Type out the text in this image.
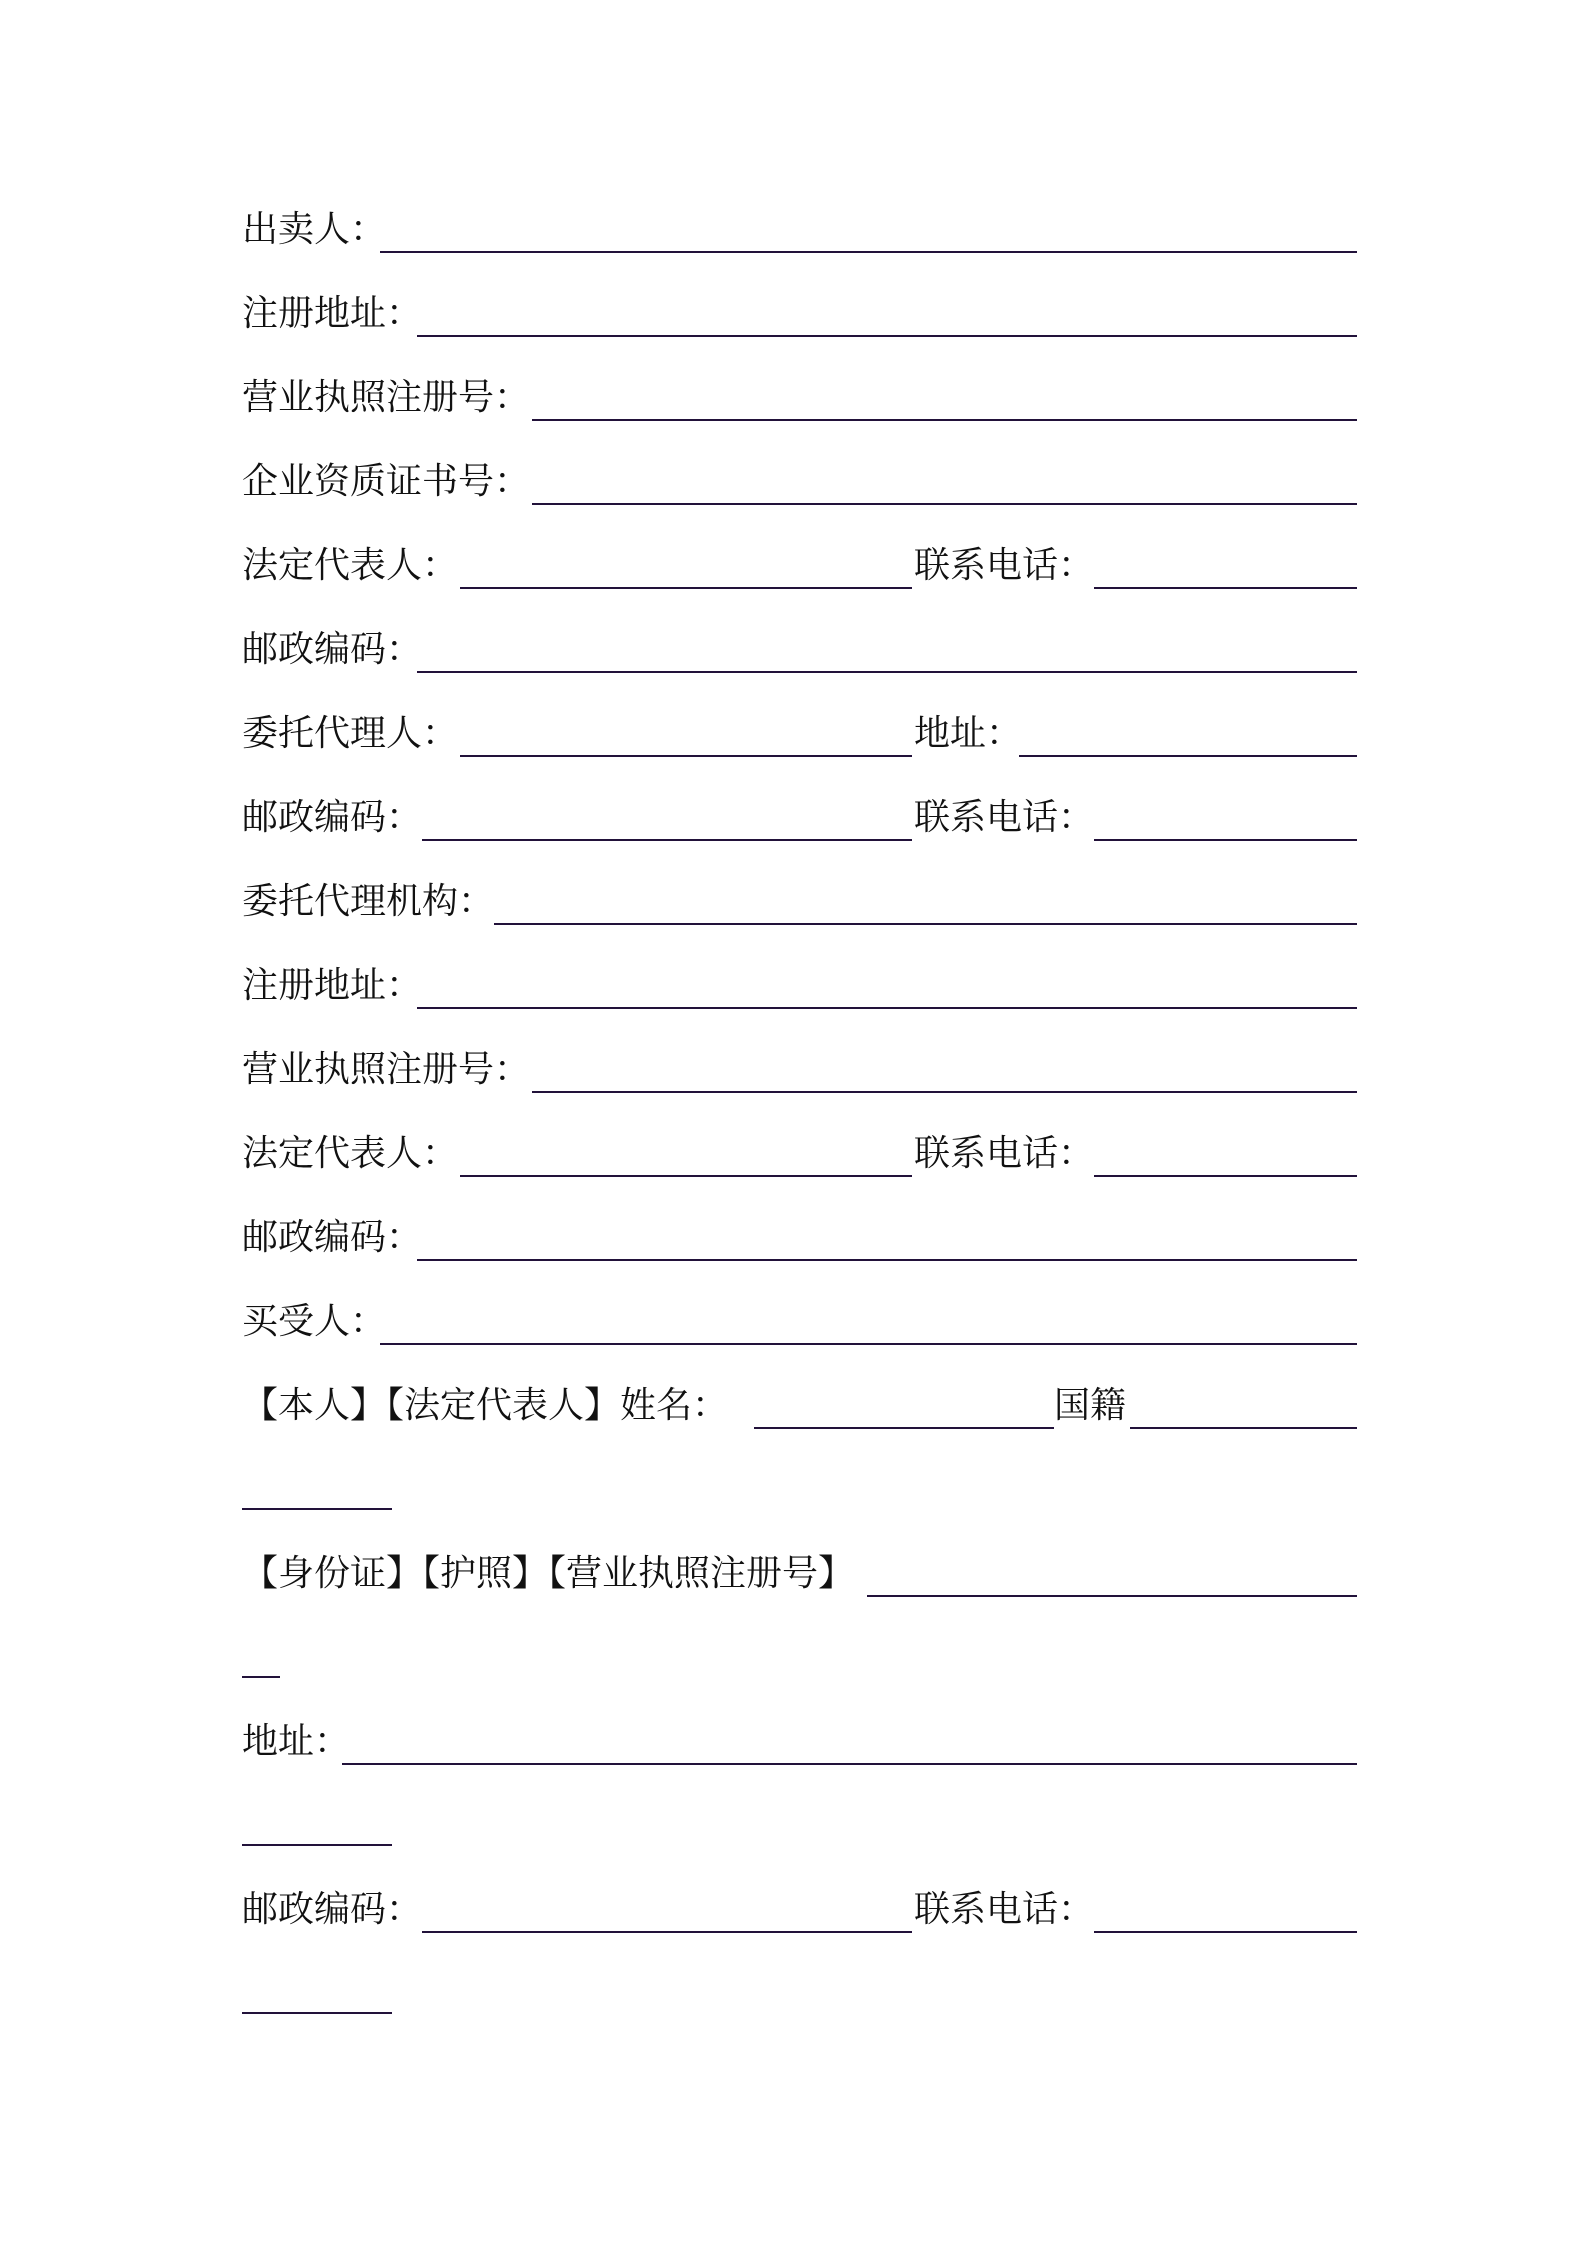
出卖人：
注册地址：
营业执照注册号：
企业资质证书号：
法定代表人：	联系电话：
邮政编码：
委托代理人：	地址：
邮政编码：	联系电话：
委托代理机构：
注册地址：
营业执照注册号：
法定代表人：	联系电话：
邮政编码：
买受人：
【本人】【法定代表人】姓名：	国籍
【身份证】【护照】【营业执照注册号】
地址：
邮政编码：	联系电话：
